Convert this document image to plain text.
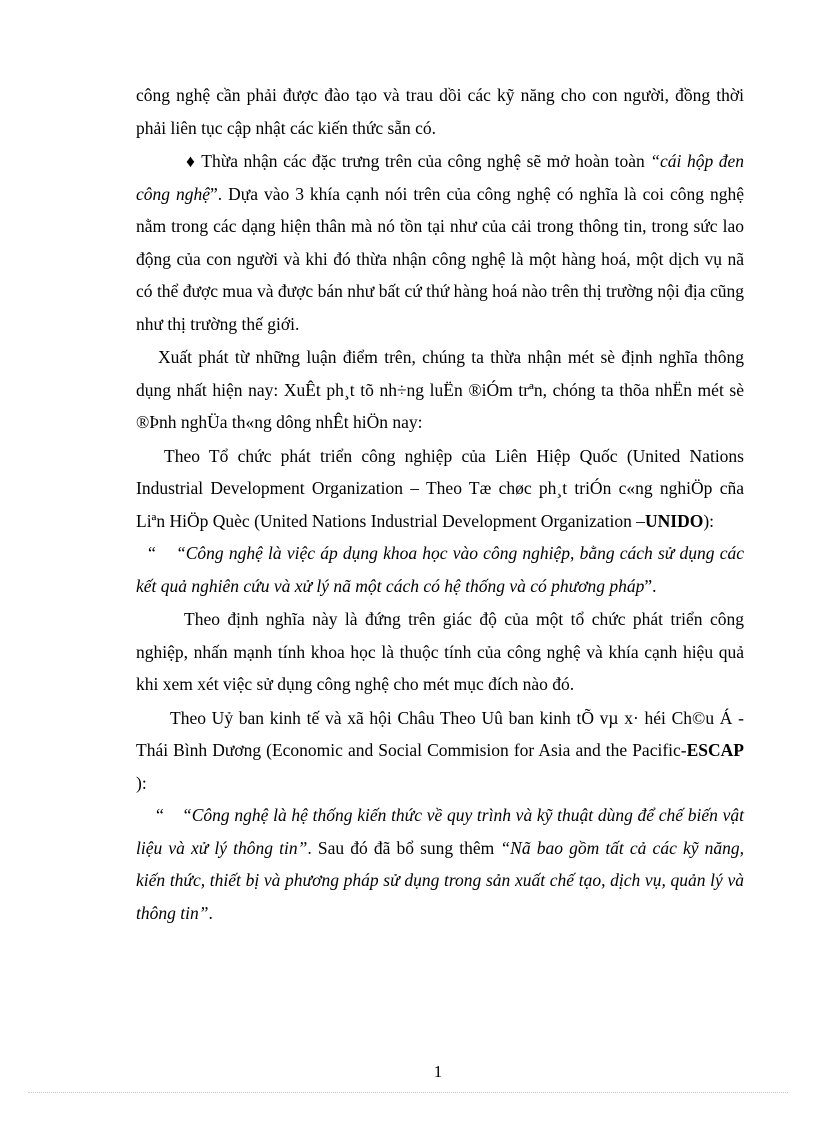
công nghệ cần phải được đào tạo và trau dồi các kỹ năng cho con người, đồng thời phải liên tục cập nhật các kiến thức sẵn có.

♦ Thừa nhận các đặc trưng trên của công nghệ sẽ mở hoàn toàn “cái hộp đen công nghệ”. Dựa vào 3 khía cạnh nói trên của công nghệ có nghĩa là coi công nghệ nằm trong các dạng hiện thân mà nó tồn tại như của cải trong thông tin, trong sức lao động của con người và khi đó thừa nhận công nghệ là một hàng hoá, một dịch vụ nã có thể được mua và được bán như bất cứ thứ hàng hoá nào trên thị trường nội địa cũng như thị trường thế giới.

Xuất phát từ những luận điểm trên, chúng ta thừa nhận mét sè định nghĩa thông dụng nhất hiện nay: XuÊt ph¸t tõ nh÷ng luËn ®iÓm trªn, chóng ta thõa nhËn mét sè ®Þnh nghÜa th«ng dông nhÊt hiÖn nay:

Theo Tổ chức phát triển công nghiệp của Liên Hiệp Quốc (United Nations Industrial Development Organization – Theo Tæ chøc ph¸t triÓn c«ng nghiÖp cña Liªn HiÖp Quèc (United Nations Industrial Development Organization –UNIDO):

“ “Công nghệ là việc áp dụng khoa học vào công nghiệp, bằng cách sử dụng các kết quả nghiên cứu và xử lý nã một cách có hệ thống và có phương pháp”.

Theo định nghĩa này là đứng trên giác độ của một tổ chức phát triển công nghiệp, nhấn mạnh tính khoa học là thuộc tính của công nghệ và khía cạnh hiệu quả khi xem xét việc sử dụng công nghệ cho mét mục đích nào đó.

Theo Uỷ ban kinh tế và xã hội Châu Theo Uû ban kinh tÕ vµ x· héi Ch©u Á - Thái Bình Dương (Economic and Social Commision for Asia and the Pacific-ESCAP ):

“ “Công nghệ là hệ thống kiến thức về quy trình và kỹ thuật dùng để chế biến vật liệu và xử lý thông tin”. Sau đó đã bổ sung thêm “Nã bao gồm tất cả các kỹ năng, kiến thức, thiết bị và phương pháp sử dụng trong sản xuất chế tạo, dịch vụ, quản lý và thông tin”.

1
